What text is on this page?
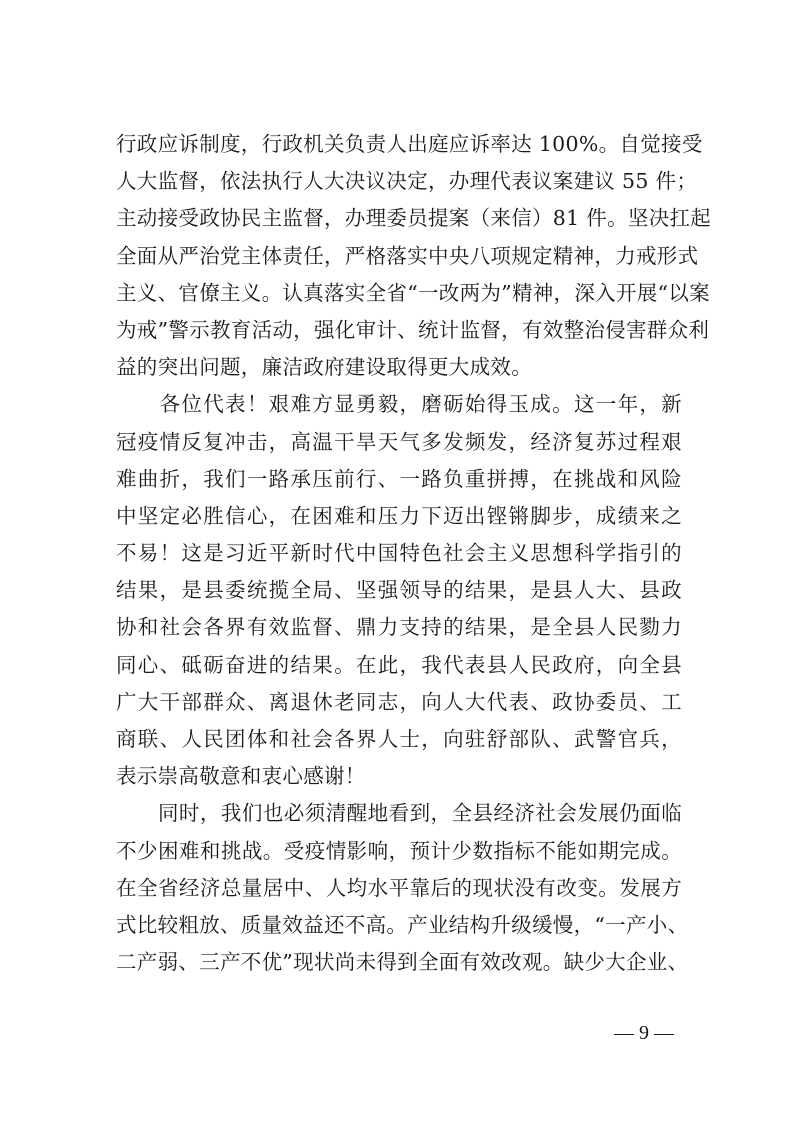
行政应诉制度，行政机关负责人出庭应诉率达 100%。自觉接受
人大监督，依法执行人大决议决定，办理代表议案建议 55 件；
主动接受政协民主监督，办理委员提案（来信）81 件。坚决扛起
全面从严治党主体责任，严格落实中央八项规定精神，力戒形式
主义、官僚主义。认真落实全省“一改两为”精神，深入开展“以案
为戒”警示教育活动，强化审计、统计监督，有效整治侵害群众利
益的突出问题，廉洁政府建设取得更大成效。
　　各位代表！艰难方显勇毅，磨砺始得玉成。这一年，新
冠疫情反复冲击，高温干旱天气多发频发，经济复苏过程艰
难曲折，我们一路承压前行、一路负重拼搏，在挑战和风险
中坚定必胜信心，在困难和压力下迈出铿锵脚步，成绩来之
不易！这是习近平新时代中国特色社会主义思想科学指引的
结果，是县委统揽全局、坚强领导的结果，是县人大、县政
协和社会各界有效监督、鼎力支持的结果，是全县人民勠力
同心、砥砺奋进的结果。在此，我代表县人民政府，向全县
广大干部群众、离退休老同志，向人大代表、政协委员、工
商联、人民团体和社会各界人士，向驻舒部队、武警官兵，
表示崇高敬意和衷心感谢！
　　同时，我们也必须清醒地看到，全县经济社会发展仍面临
不少困难和挑战。受疫情影响，预计少数指标不能如期完成。
在全省经济总量居中、人均水平靠后的现状没有改变。发展方
式比较粗放、质量效益还不高。产业结构升级缓慢，“一产小、
二产弱、三产不优”现状尚未得到全面有效改观。缺少大企业、
— 9 —
